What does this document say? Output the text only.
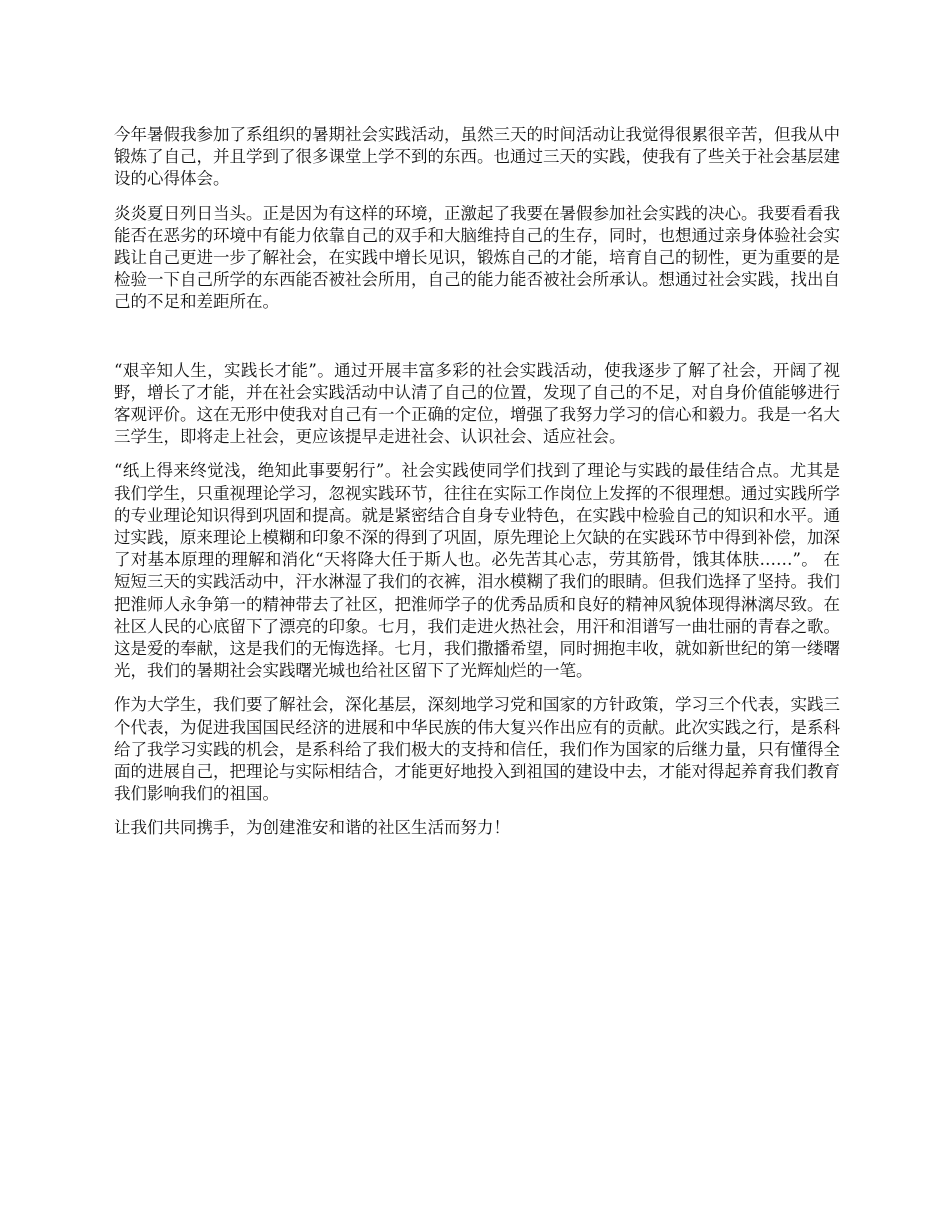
今年暑假我参加了系组织的暑期社会实践活动，虽然三天的时间活动让我觉得很累很辛苦，但我从中锻炼了自己，并且学到了很多课堂上学不到的东西。也通过三天的实践，使我有了些关于社会基层建设的心得体会。

炎炎夏日列日当头。正是因为有这样的环境，正激起了我要在暑假参加社会实践的决心。我要看看我能否在恶劣的环境中有能力依靠自己的双手和大脑维持自己的生存，同时，也想通过亲身体验社会实践让自己更进一步了解社会，在实践中增长见识，锻炼自己的才能，培育自己的韧性，更为重要的是检验一下自己所学的东西能否被社会所用，自己的能力能否被社会所承认。想通过社会实践，找出自己的不足和差距所在。

“艰辛知人生，实践长才能”。通过开展丰富多彩的社会实践活动，使我逐步了解了社会，开阔了视野，增长了才能，并在社会实践活动中认清了自己的位置，发现了自己的不足，对自身价值能够进行客观评价。这在无形中使我对自己有一个正确的定位，增强了我努力学习的信心和毅力。我是一名大三学生，即将走上社会，更应该提早走进社会、认识社会、适应社会。

“纸上得来终觉浅，绝知此事要躬行”。社会实践使同学们找到了理论与实践的最佳结合点。尤其是我们学生，只重视理论学习，忽视实践环节，往往在实际工作岗位上发挥的不很理想。通过实践所学的专业理论知识得到巩固和提高。就是紧密结合自身专业特色，在实践中检验自己的知识和水平。通过实践，原来理论上模糊和印象不深的得到了巩固，原先理论上欠缺的在实践环节中得到补偿，加深了对基本原理的理解和消化“天将降大任于斯人也。必先苦其心志，劳其筋骨，饿其体肤……”。 在短短三天的实践活动中，汗水淋湿了我们的衣裤，泪水模糊了我们的眼睛。但我们选择了坚持。我们把淮师人永争第一的精神带去了社区，把淮师学子的优秀品质和良好的精神风貌体现得淋漓尽致。在社区人民的心底留下了漂亮的印象。七月，我们走进火热社会，用汗和泪谱写一曲壮丽的青春之歌。这是爱的奉献，这是我们的无悔选择。七月，我们撒播希望，同时拥抱丰收，就如新世纪的第一缕曙光，我们的暑期社会实践曙光城也给社区留下了光辉灿烂的一笔。

作为大学生，我们要了解社会，深化基层，深刻地学习党和国家的方针政策，学习三个代表，实践三个代表，为促进我国国民经济的进展和中华民族的伟大复兴作出应有的贡献。此次实践之行，是系科给了我学习实践的机会，是系科给了我们极大的支持和信任，我们作为国家的后继力量，只有懂得全面的进展自己，把理论与实际相结合，才能更好地投入到祖国的建设中去，才能对得起养育我们教育我们影响我们的祖国。

让我们共同携手，为创建淮安和谐的社区生活而努力！
